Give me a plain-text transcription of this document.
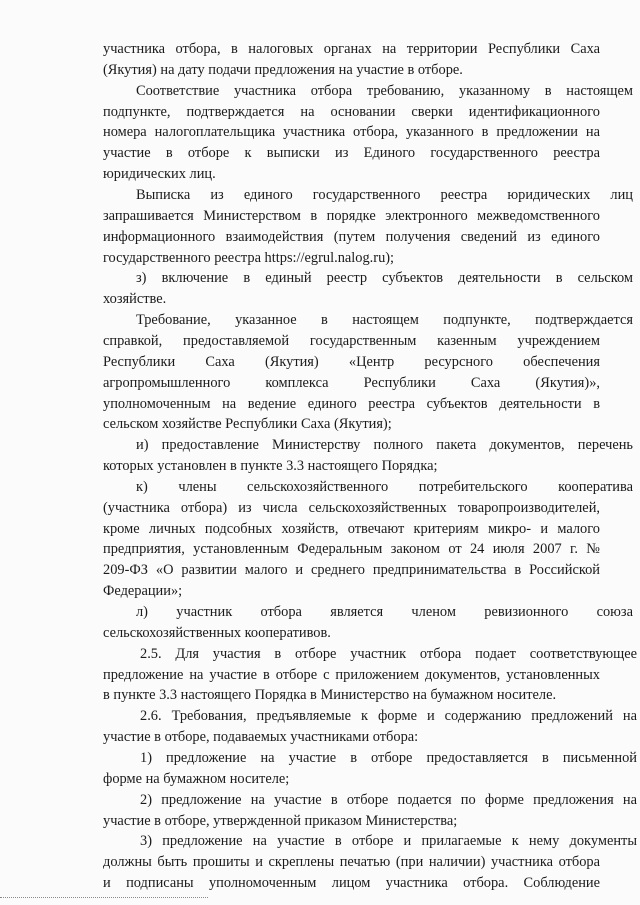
участника отбора, в налоговых органах на территории Республики Саха
(Якутия) на дату подачи предложения на участие в отборе.
Соответствие участника отбора требованию, указанному в настоящем
подпункте, подтверждается на основании сверки идентификационного
номера налогоплательщика участника отбора, указанного в предложении на
участие в отборе к выписки из Единого государственного реестра
юридических лиц.
Выписка из единого государственного реестра юридических лиц
запрашивается Министерством в порядке электронного межведомственного
информационного взаимодействия (путем получения сведений из единого
государственного реестра https://egrul.nalog.ru);
з) включение в единый реестр субъектов деятельности в сельском
хозяйстве.
Требование, указанное в настоящем подпункте, подтверждается
справкой, предоставляемой государственным казенным учреждением
Республики Саха (Якутия) «Центр ресурсного обеспечения
агропромышленного комплекса Республики Саха (Якутия)»,
уполномоченным на ведение единого реестра субъектов деятельности в
сельском хозяйстве Республики Саха (Якутия);
и) предоставление Министерству полного пакета документов, перечень
которых установлен в пункте 3.3 настоящего Порядка;
к) члены сельскохозяйственного потребительского кооператива
(участника отбора) из числа сельскохозяйственных товаропроизводителей,
кроме личных подсобных хозяйств, отвечают критериям микро- и малого
предприятия, установленным Федеральным законом от 24 июля 2007 г. №
209-ФЗ «О развитии малого и среднего предпринимательства в Российской
Федерации»;
л) участник отбора является членом ревизионного союза
сельскохозяйственных кооперативов.
2.5. Для участия в отборе участник отбора подает соответствующее
предложение на участие в отборе с приложением документов, установленных
в пункте 3.3 настоящего Порядка в Министерство на бумажном носителе.
2.6. Требования, предъявляемые к форме и содержанию предложений на
участие в отборе, подаваемых участниками отбора:
1) предложение на участие в отборе предоставляется в письменной
форме на бумажном носителе;
2) предложение на участие в отборе подается по форме предложения на
участие в отборе, утвержденной приказом Министерства;
3) предложение на участие в отборе и прилагаемые к нему документы
должны быть прошиты и скреплены печатью (при наличии) участника отбора
и подписаны уполномоченным лицом участника отбора. Соблюдение
